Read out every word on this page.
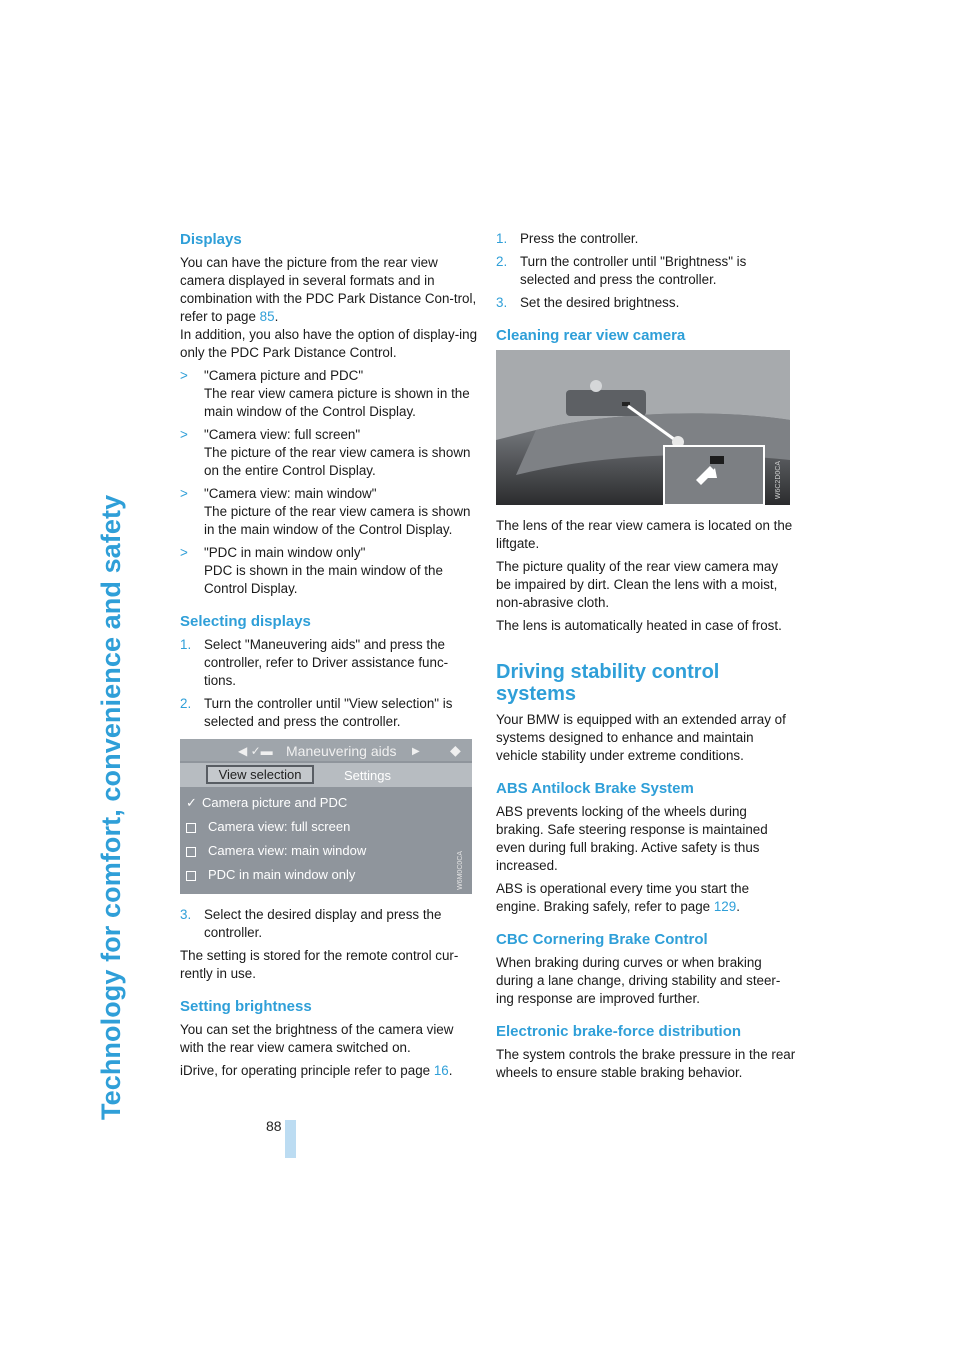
Technology for comfort, convenience and safety
88
Displays

You can have the picture from the rear view camera displayed in several formats and in combination with the PDC Park Distance Con-trol, refer to page 85.
In addition, you also have the option of display-ing only the PDC Park Distance Control.

> "Camera picture and PDC"
The rear view camera picture is shown in the main window of the Control Display.
> "Camera view: full screen"
The picture of the rear view camera is shown on the entire Control Display.
> "Camera view: main window"
The picture of the rear view camera is shown in the main window of the Control Display.
> "PDC in main window only"
PDC is shown in the main window of the Control Display.
Selecting displays
1. Select "Maneuvering aids" and press the controller, refer to Driver assistance func-tions.
2. Turn the controller until "View selection" is selected and press the controller.
◀ ✓▬ Maneuvering aids ▶ ◆
View selection	Settings
✓ Camera picture and PDC
Camera view: full screen
Camera view: main window
PDC in main window only	W6M0C0CA
3. Select the desired display and press the controller.

The setting is stored for the remote control cur-rently in use.

Setting brightness

You can set the brightness of the camera view with the rear view camera switched on.

iDrive, for operating principle refer to page 16.

1. Press the controller.
2. Turn the controller until "Brightness" is selected and press the controller.
3. Set the desired brightness.
Cleaning rear view camera
W6C2D0CA

The lens of the rear view camera is located on the liftgate.

The picture quality of the rear view camera may be impaired by dirt. Clean the lens with a moist, non-abrasive cloth.

The lens is automatically heated in case of frost.

Driving stability control systems

Your BMW is equipped with an extended array of systems designed to enhance and maintain vehicle stability under extreme conditions.

ABS Antilock Brake System

ABS prevents locking of the wheels during braking. Safe steering response is maintained even during full braking. Active safety is thus increased.

ABS is operational every time you start the engine. Braking safely, refer to page 129.

CBC Cornering Brake Control

When braking during curves or when braking during a lane change, driving stability and steer-ing response are improved further.

Electronic brake-force distribution

The system controls the brake pressure in the rear wheels to ensure stable braking behavior.
